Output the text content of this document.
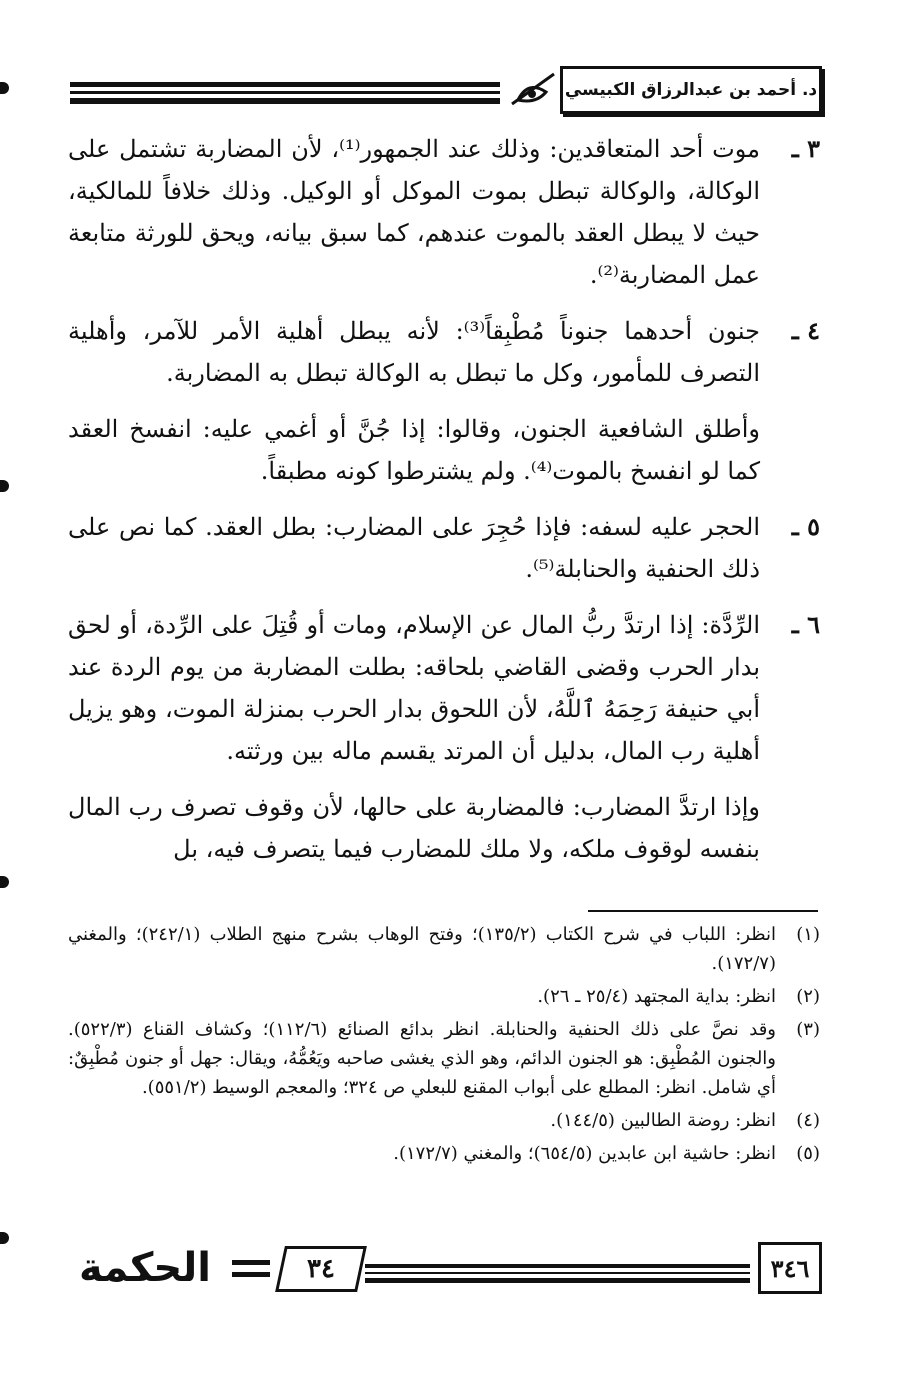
د. أحمد بن عبدالرزاق الكبيسي
٣ ـ
موت أحد المتعاقدين: وذلك عند الجمهور⁽¹⁾، لأن المضاربة تشتمل على الوكالة، والوكالة تبطل بموت الموكل أو الوكيل. وذلك خلافاً للمالكية، حيث لا يبطل العقد بالموت عندهم، كما سبق بيانه، ويحق للورثة متابعة عمل المضاربة⁽²⁾.
٤ ـ
جنون أحدهما جنوناً مُطْبِقاً⁽³⁾: لأنه يبطل أهلية الأمر للآمر، وأهلية التصرف للمأمور، وكل ما تبطل به الوكالة تبطل به المضاربة.
وأطلق الشافعية الجنون، وقالوا: إذا جُنَّ أو أغمي عليه: انفسخ العقد كما لو انفسخ بالموت⁽⁴⁾. ولم يشترطوا كونه مطبقاً.
٥ ـ
الحجر عليه لسفه: فإذا حُجِرَ على المضارب: بطل العقد. كما نص على ذلك الحنفية والحنابلة⁽⁵⁾.
٦ ـ
الرِّدَّة: إذا ارتدَّ ربُّ المال عن الإسلام، ومات أو قُتِلَ على الرِّدة، أو لحق بدار الحرب وقضى القاضي بلحاقه: بطلت المضاربة من يوم الردة عند أبي حنيفة رَحِمَهُ ٱللَّهُ، لأن اللحوق بدار الحرب بمنزلة الموت، وهو يزيل أهلية رب المال، بدليل أن المرتد يقسم ماله بين ورثته.
وإذا ارتدَّ المضارب: فالمضاربة على حالها، لأن وقوف تصرف رب المال بنفسه لوقوف ملكه، ولا ملك للمضارب فيما يتصرف فيه، بل
(١)
انظر: اللباب في شرح الكتاب (١٣٥/٢)؛ وفتح الوهاب بشرح منهج الطلاب (٢٤٢/١)؛ والمغني (١٧٢/٧).
(٢)
انظر: بداية المجتهد (٢٥/٤ ـ ٢٦).
(٣)
وقد نصَّ على ذلك الحنفية والحنابلة. انظر بدائع الصنائع (١١٢/٦)؛ وكشاف القناع (٥٢٢/٣). والجنون المُطْبِق: هو الجنون الدائم، وهو الذي يغشى صاحبه ويَعُمُّهُ، ويقال: جهل أو جنون مُطْبِقٌ: أي شامل. انظر: المطلع على أبواب المقنع للبعلي ص ٣٢٤؛ والمعجم الوسيط (٥٥١/٢).
(٤)
انظر: روضة الطالبين (١٤٤/٥).
(٥)
انظر: حاشية ابن عابدين (٦٥٤/٥)؛ والمغني (١٧٢/٧).
٣٤٦
٣٤
الحكمة
